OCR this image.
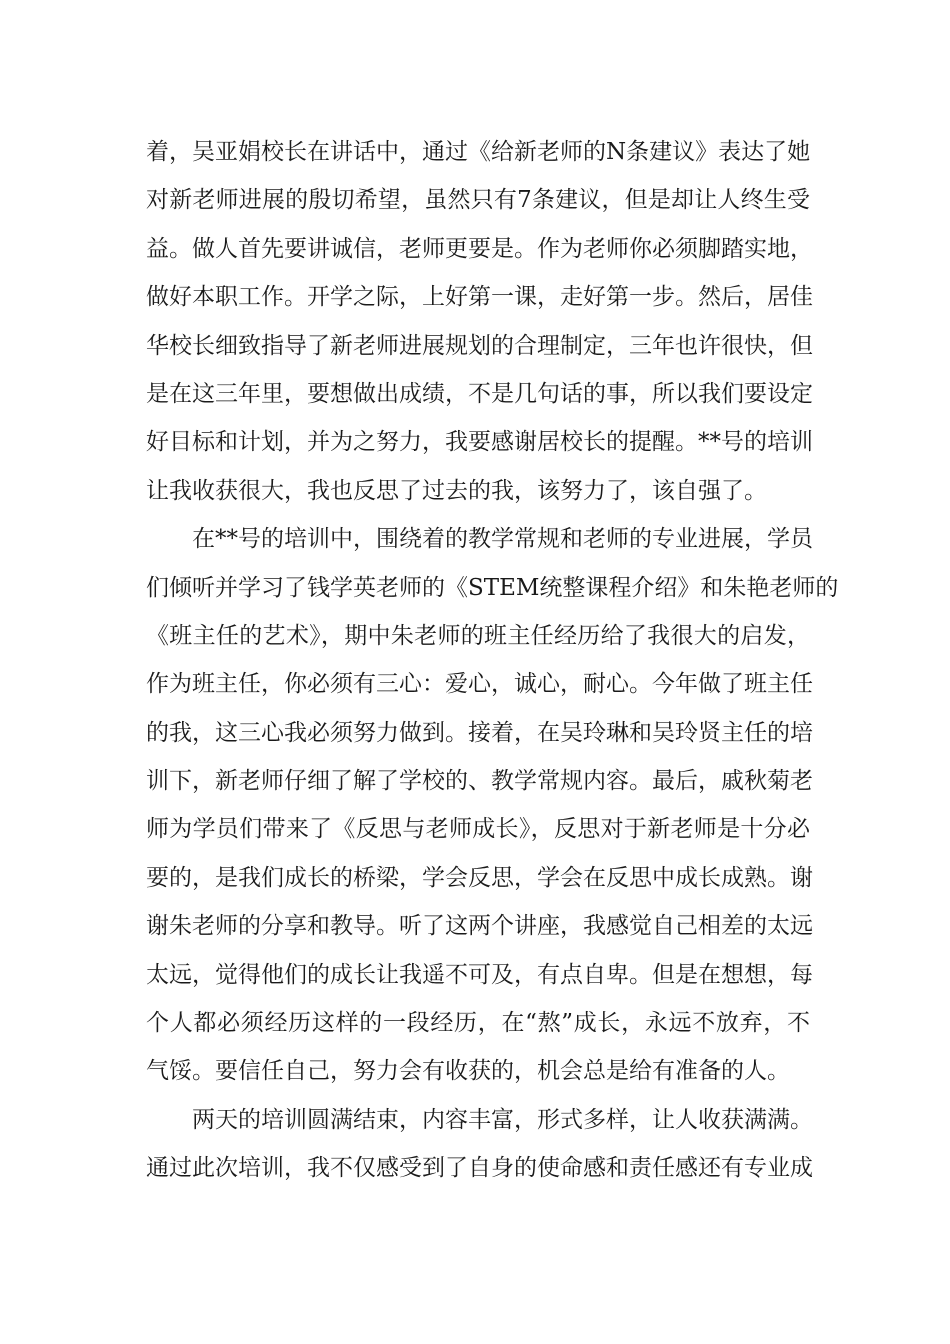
着，吴亚娟校长在讲话中，通过《给新老师的N条建议》表达了她
对新老师进展的殷切希望，虽然只有7条建议，但是却让人终生受
益。做人首先要讲诚信，老师更要是。作为老师你必须脚踏实地，
做好本职工作。开学之际，上好第一课，走好第一步。然后，居佳
华校长细致指导了新老师进展规划的合理制定，三年也许很快，但
是在这三年里，要想做出成绩，不是几句话的事，所以我们要设定
好目标和计划，并为之努力，我要感谢居校长的提醒。**号的培训
让我收获很大，我也反思了过去的我，该努力了，该自强了。
在**号的培训中，围绕着的教学常规和老师的专业进展，学员
们倾听并学习了钱学英老师的《STEM统整课程介绍》和朱艳老师的
《班主任的艺术》，期中朱老师的班主任经历给了我很大的启发，
作为班主任，你必须有三心：爱心，诚心，耐心。今年做了班主任
的我，这三心我必须努力做到。接着，在吴玲琳和吴玲贤主任的培
训下，新老师仔细了解了学校的、教学常规内容。最后，戚秋菊老
师为学员们带来了《反思与老师成长》，反思对于新老师是十分必
要的，是我们成长的桥梁，学会反思，学会在反思中成长成熟。谢
谢朱老师的分享和教导。听了这两个讲座，我感觉自己相差的太远
太远，觉得他们的成长让我遥不可及，有点自卑。但是在想想，每
个人都必须经历这样的一段经历，在“熬”成长，永远不放弃，不
气馁。要信任自己，努力会有收获的，机会总是给有准备的人。
两天的培训圆满结束，内容丰富，形式多样，让人收获满满。
通过此次培训，我不仅感受到了自身的使命感和责任感还有专业成
